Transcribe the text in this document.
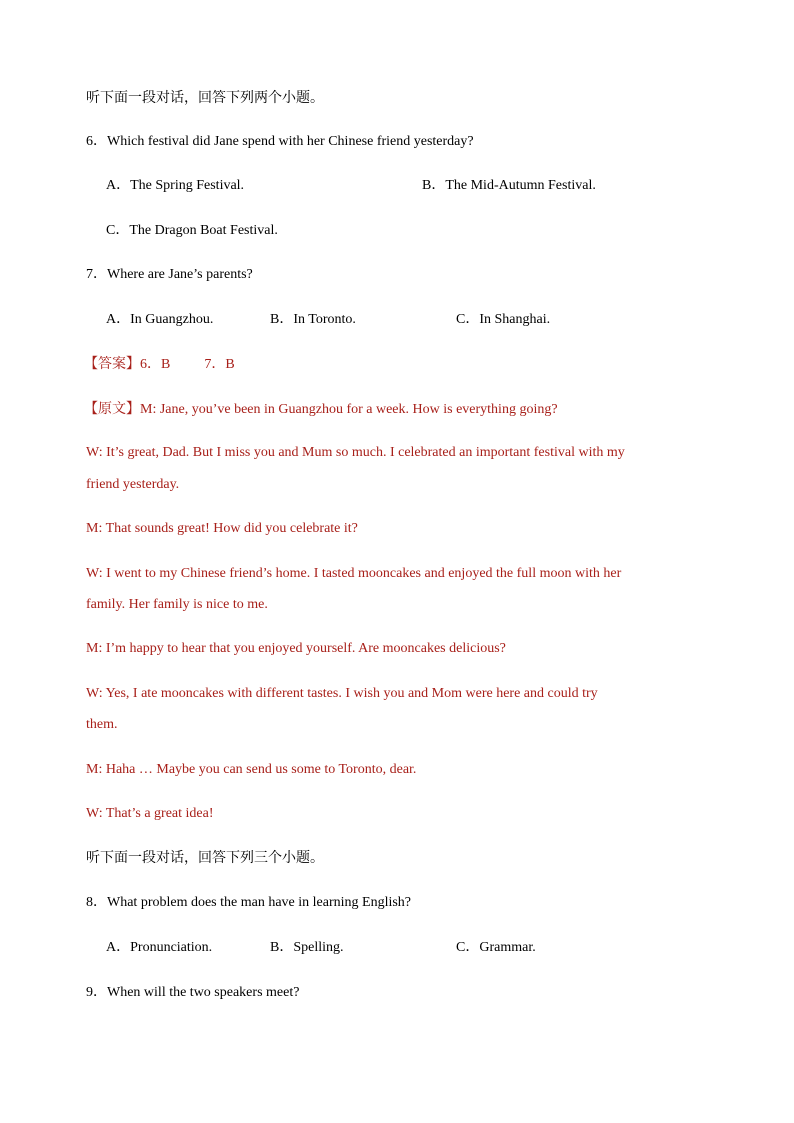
听下面一段对话，回答下列两个小题。
6．Which festival did Jane spend with her Chinese friend yesterday?
A．The Spring Festival.	B．The Mid-Autumn Festival.
C．The Dragon Boat Festival.
7．Where are Jane’s parents?
A．In Guangzhou.	B．In Toronto.	C．In Shanghai.
【答案】6．B 7．B
【原文】M: Jane, you’ve been in Guangzhou for a week. How is everything going?
W: It’s great, Dad. But I miss you and Mum so much. I celebrated an important festival with my
friend yesterday.
M: That sounds great! How did you celebrate it?
W: I went to my Chinese friend’s home. I tasted mooncakes and enjoyed the full moon with her
family. Her family is nice to me.
M: I’m happy to hear that you enjoyed yourself. Are mooncakes delicious?
W: Yes, I ate mooncakes with different tastes. I wish you and Mom were here and could try
them.
M: Haha … Maybe you can send us some to Toronto, dear.
W: That’s a great idea!
听下面一段对话，回答下列三个小题。
8．What problem does the man have in learning English?
A．Pronunciation.	B．Spelling.	C．Grammar.
9．When will the two speakers meet?
